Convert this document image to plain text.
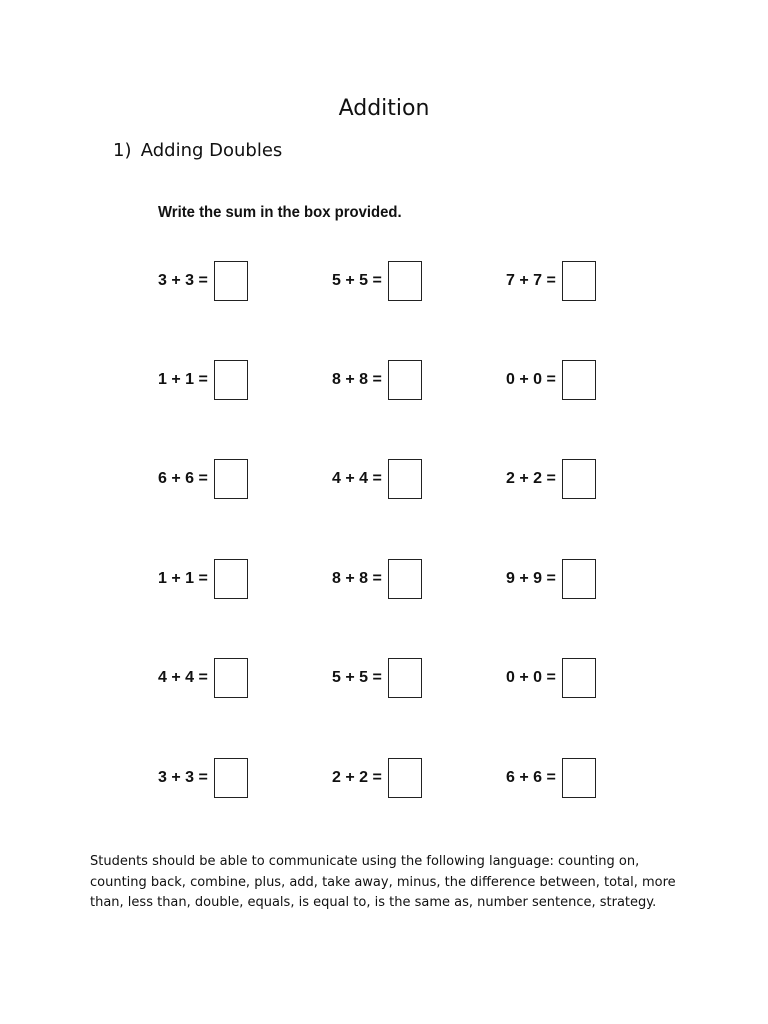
Addition
1) Adding Doubles
Write the sum in the box provided.
3 + 3 =	5 + 5 =	7 + 7 =
1 + 1 =	8 + 8 =	0 + 0 =
6 + 6 =	4 + 4 =	2 + 2 =
1 + 1 =	8 + 8 =	9 + 9 =
4 + 4 =	5 + 5 =	0 + 0 =
3 + 3 =	2 + 2 =	6 + 6 =
Students should be able to communicate using the following language: counting on, counting back, combine, plus, add, take away, minus, the difference between, total, more than, less than, double, equals, is equal to, is the same as, number sentence, strategy.
